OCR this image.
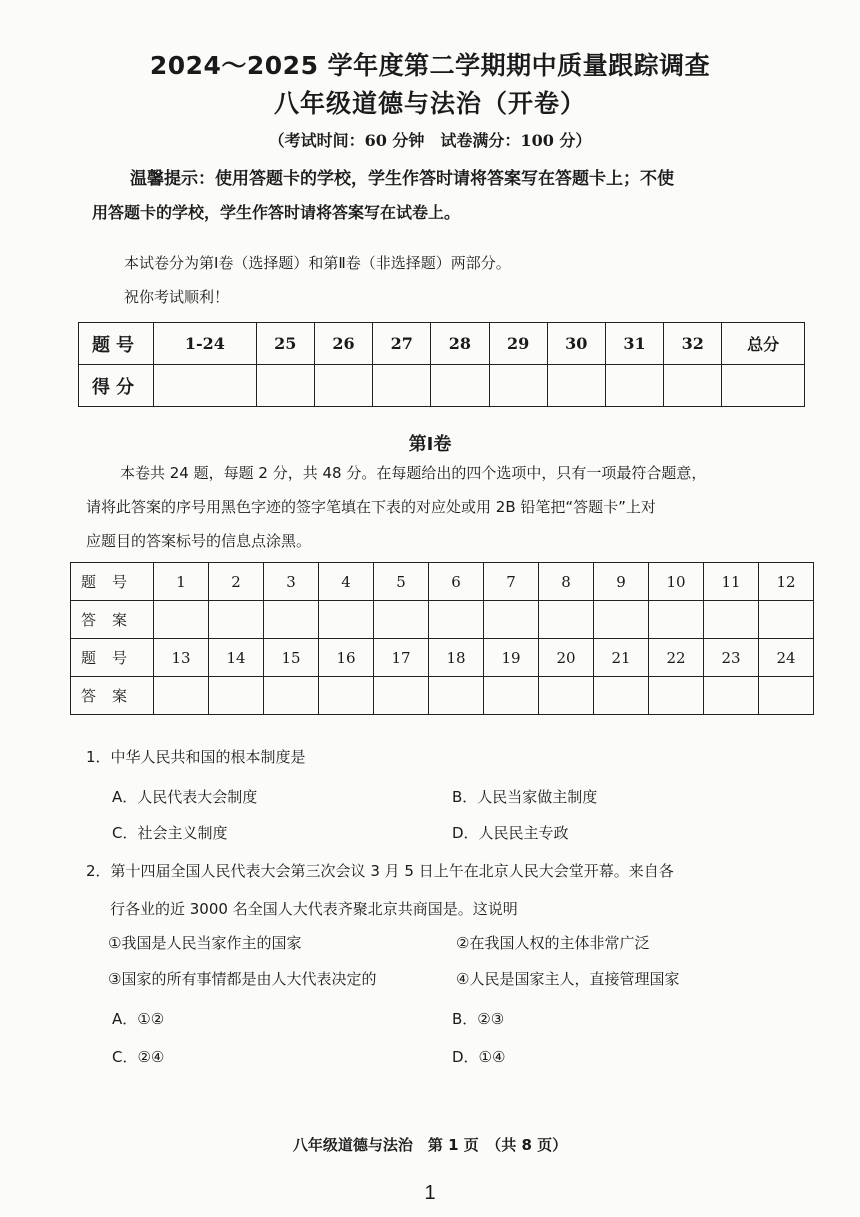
2024～2025 学年度第二学期期中质量跟踪调查
八年级道德与法治（开卷）
（考试时间：60 分钟　试卷满分：100 分）
温馨提示：使用答题卡的学校，学生作答时请将答案写在答题卡上；不使
用答题卡的学校，学生作答时请将答案写在试卷上。
本试卷分为第Ⅰ卷（选择题）和第Ⅱ卷（非选择题）两部分。
祝你考试顺利！
题号	1-24	25	26	27	28	29	30	31	32	总分
得分										
第Ⅰ卷
本卷共 24 题，每题 2 分，共 48 分。在每题给出的四个选项中，只有一项最符合题意，
请将此答案的序号用黑色字迹的签字笔填在下表的对应处或用 2B 铅笔把“答题卡”上对
应题目的答案标号的信息点涂黑。
题号	1	2	3	4	5	6	7	8	9	10	11	12
答案												
题号	13	14	15	16	17	18	19	20	21	22	23	24
答案												
1．中华人民共和国的根本制度是
A．人民代表大会制度	B．人民当家做主制度
C．社会主义制度	D．人民民主专政
2．第十四届全国人民代表大会第三次会议 3 月 5 日上午在北京人民大会堂开幕。来自各
行各业的近 3000 名全国人大代表齐聚北京共商国是。这说明
①我国是人民当家作主的国家	②在我国人权的主体非常广泛
③国家的所有事情都是由人大代表决定的	④人民是国家主人，直接管理国家
A．①②	B．②③
C．②④	D．①④
八年级道德与法治　第 1 页　（共 8 页）
1
